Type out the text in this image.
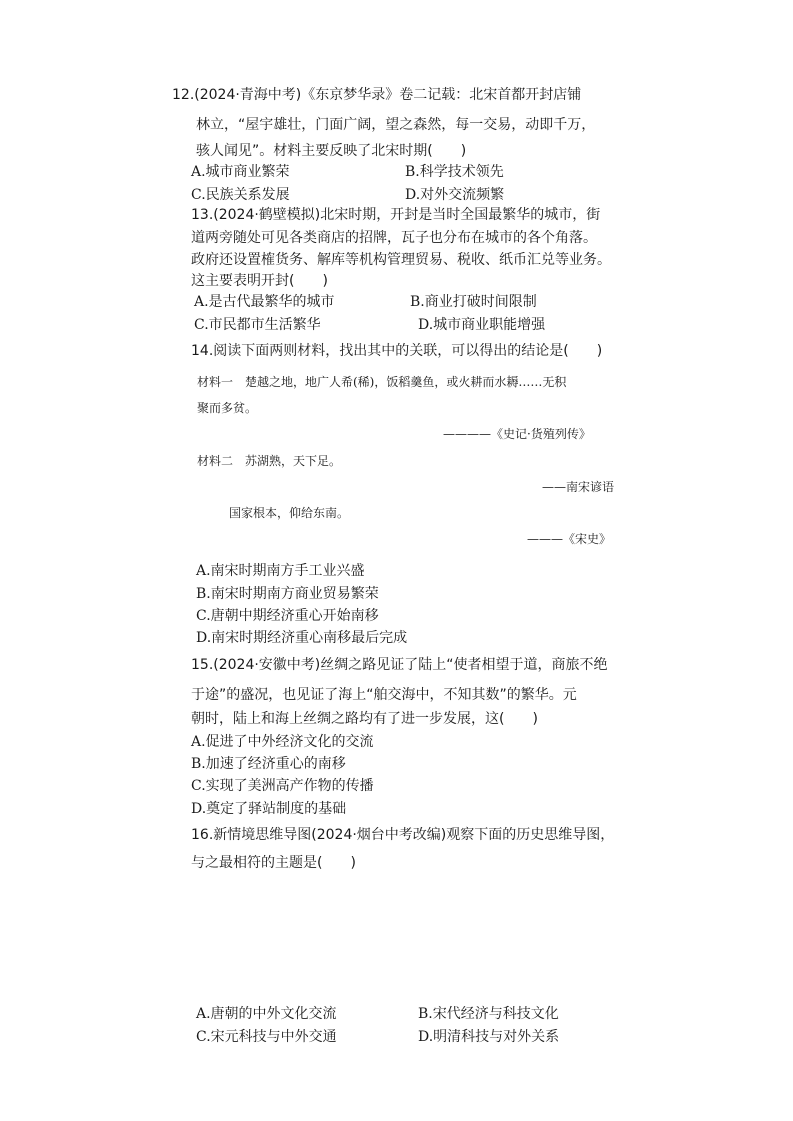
12.(2024·青海中考)《东京梦华录》卷二记载：北宋首都开封店铺
林立，“屋宇雄壮，门面广阔，望之森然，每一交易，动即千万，
骇人闻见”。材料主要反映了北宋时期(　　)
A.城市商业繁荣	B.科学技术领先
C.民族关系发展	D.对外交流频繁
13.(2024·鹤壁模拟)北宋时期，开封是当时全国最繁华的城市，街
道两旁随处可见各类商店的招牌，瓦子也分布在城市的各个角落。
政府还设置榷货务、解库等机构管理贸易、税收、纸币汇兑等业务。
这主要表明开封(　　)
A.是古代最繁华的城市	B.商业打破时间限制
C.市民都市生活繁华	D.城市商业职能增强
14.阅读下面两则材料，找出其中的关联，可以得出的结论是(　　)
材料一　楚越之地，地广人希(稀)，饭稻羹鱼，或火耕而水耨……无积
聚而多贫。
————《史记·货殖列传》
材料二　苏湖熟，天下足。
——南宋谚语
国家根本，仰给东南。
———《宋史》
A.南宋时期南方手工业兴盛
B.南宋时期南方商业贸易繁荣
C.唐朝中期经济重心开始南移
D.南宋时期经济重心南移最后完成
15.(2024·安徽中考)丝绸之路见证了陆上“使者相望于道，商旅不绝
于途”的盛况，也见证了海上“舶交海中，不知其数”的繁华。元
朝时，陆上和海上丝绸之路均有了进一步发展，这(　　)
A.促进了中外经济文化的交流
B.加速了经济重心的南移
C.实现了美洲高产作物的传播
D.奠定了驿站制度的基础
16.新情境思维导图(2024·烟台中考改编)观察下面的历史思维导图，
与之最相符的主题是(　　)
A.唐朝的中外文化交流	B.宋代经济与科技文化
C.宋元科技与中外交通	D.明清科技与对外关系
